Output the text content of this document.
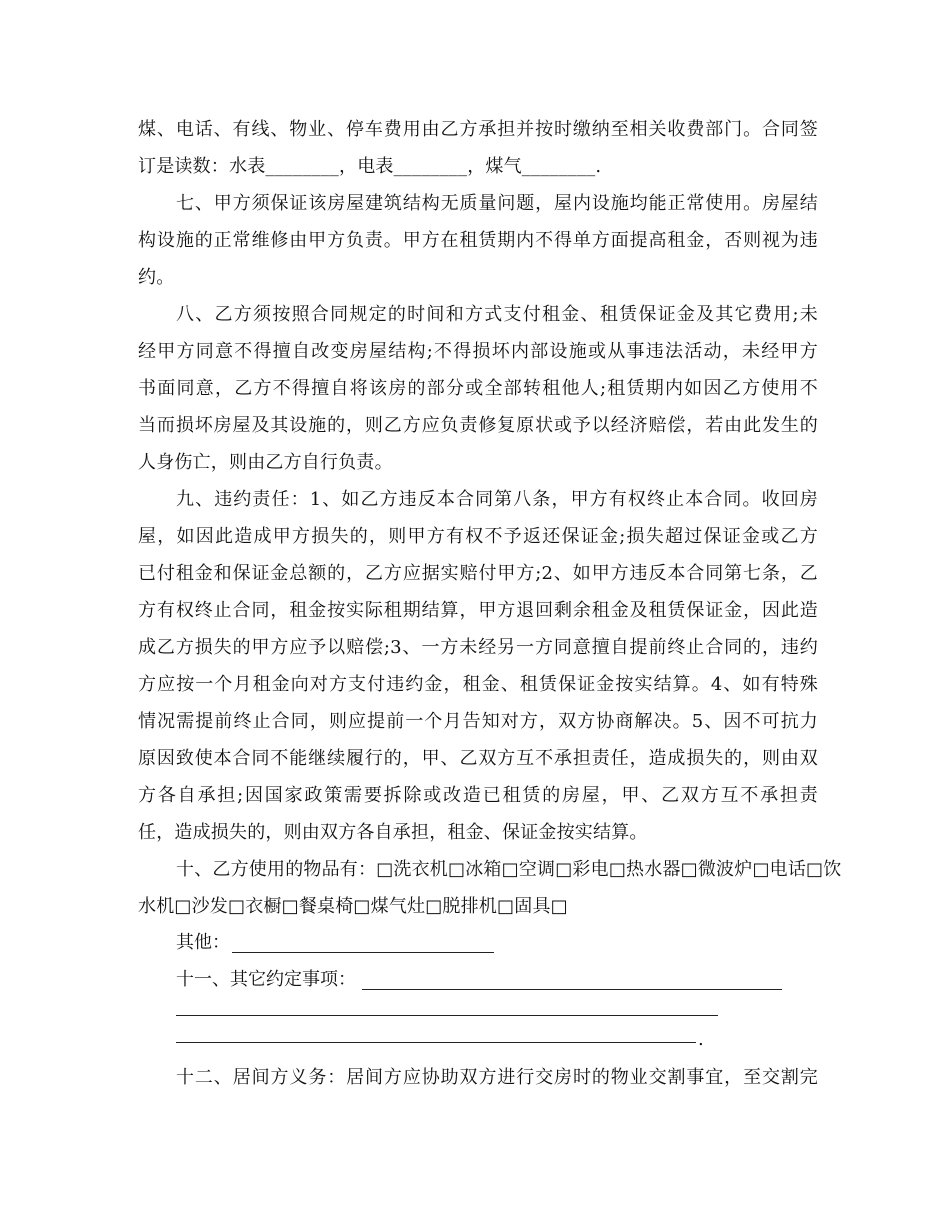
煤、电话、有线、物业、停车费用由乙方承担并按时缴纳至相关收费部门。合同签
订是读数：水表________，电表________，煤气________.
七、甲方须保证该房屋建筑结构无质量问题，屋内设施均能正常使用。房屋结
构设施的正常维修由甲方负责。甲方在租赁期内不得单方面提高租金，否则视为违
约。
八、乙方须按照合同规定的时间和方式支付租金、租赁保证金及其它费用;未
经甲方同意不得擅自改变房屋结构;不得损坏内部设施或从事违法活动，未经甲方
书面同意，乙方不得擅自将该房的部分或全部转租他人;租赁期内如因乙方使用不
当而损坏房屋及其设施的，则乙方应负责修复原状或予以经济赔偿，若由此发生的
人身伤亡，则由乙方自行负责。
九、违约责任：1、如乙方违反本合同第八条，甲方有权终止本合同。收回房
屋，如因此造成甲方损失的，则甲方有权不予返还保证金;损失超过保证金或乙方
已付租金和保证金总额的，乙方应据实赔付甲方;2、如甲方违反本合同第七条，乙
方有权终止合同，租金按实际租期结算，甲方退回剩余租金及租赁保证金，因此造
成乙方损失的甲方应予以赔偿;3、一方未经另一方同意擅自提前终止合同的，违约
方应按一个月租金向对方支付违约金，租金、租赁保证金按实结算。4、如有特殊
情况需提前终止合同，则应提前一个月告知对方，双方协商解决。5、因不可抗力
原因致使本合同不能继续履行的，甲、乙双方互不承担责任，造成损失的，则由双
方各自承担;因国家政策需要拆除或改造已租赁的房屋，甲、乙双方互不承担责
任，造成损失的，则由双方各自承担，租金、保证金按实结算。
十、乙方使用的物品有：□洗衣机□冰箱□空调□彩电□热水器□微波炉□电话□饮
水机□沙发□衣橱□餐桌椅□煤气灶□脱排机□固具□
其他：
十一、其它约定事项：
.
十二、居间方义务：居间方应协助双方进行交房时的物业交割事宜，至交割完
